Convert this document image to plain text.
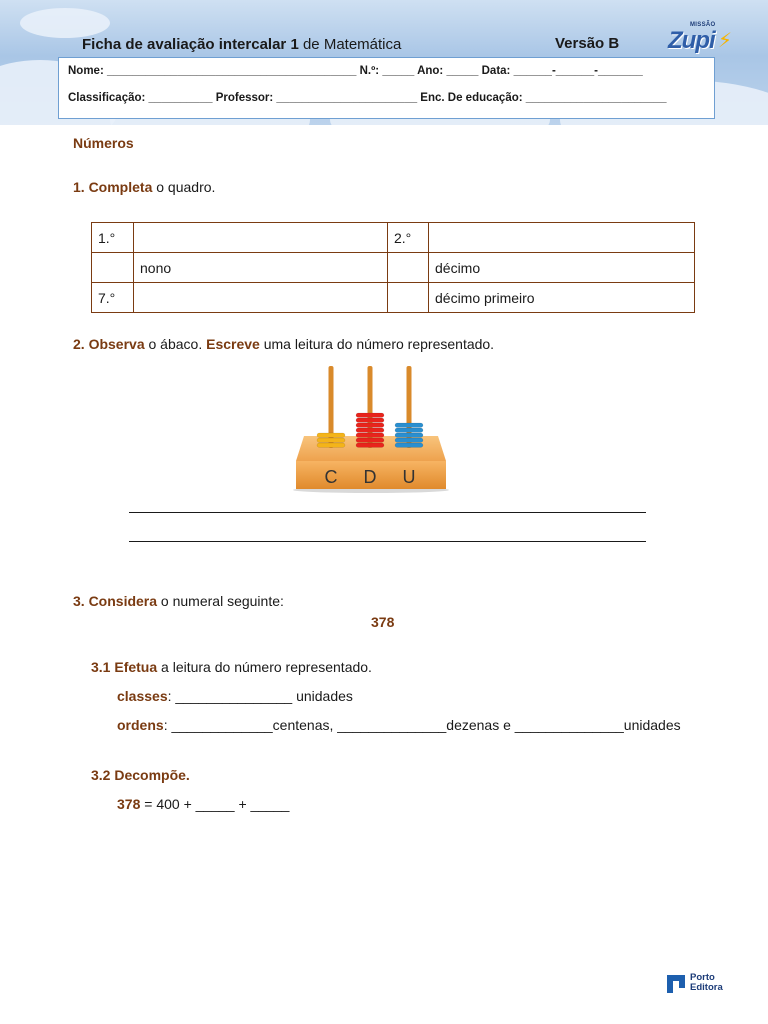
Ficha de avaliação intercalar 1 de Matemática	Versão B
MISSÃO
Zupi ⚡
Nome: _______________________________________ N.º: _____ Ano: _____ Data: ______-______-_______
Classificação: __________ Professor: ______________________ Enc. De educação: ______________________
Números
1. Completa o quadro.
1.°		2.°	
	nono		décimo
7.°			décimo primeiro
2. Observa o ábaco. Escreve uma leitura do número representado.
C D U
3. Considera o numeral seguinte:
378
3.1 Efetua a leitura do número representado.
classes: _______________ unidades
ordens: _____________centenas, ______________dezenas e ______________unidades
3.2 Decompõe.
378 = 400 + _____ + _____
Porto
Editora
